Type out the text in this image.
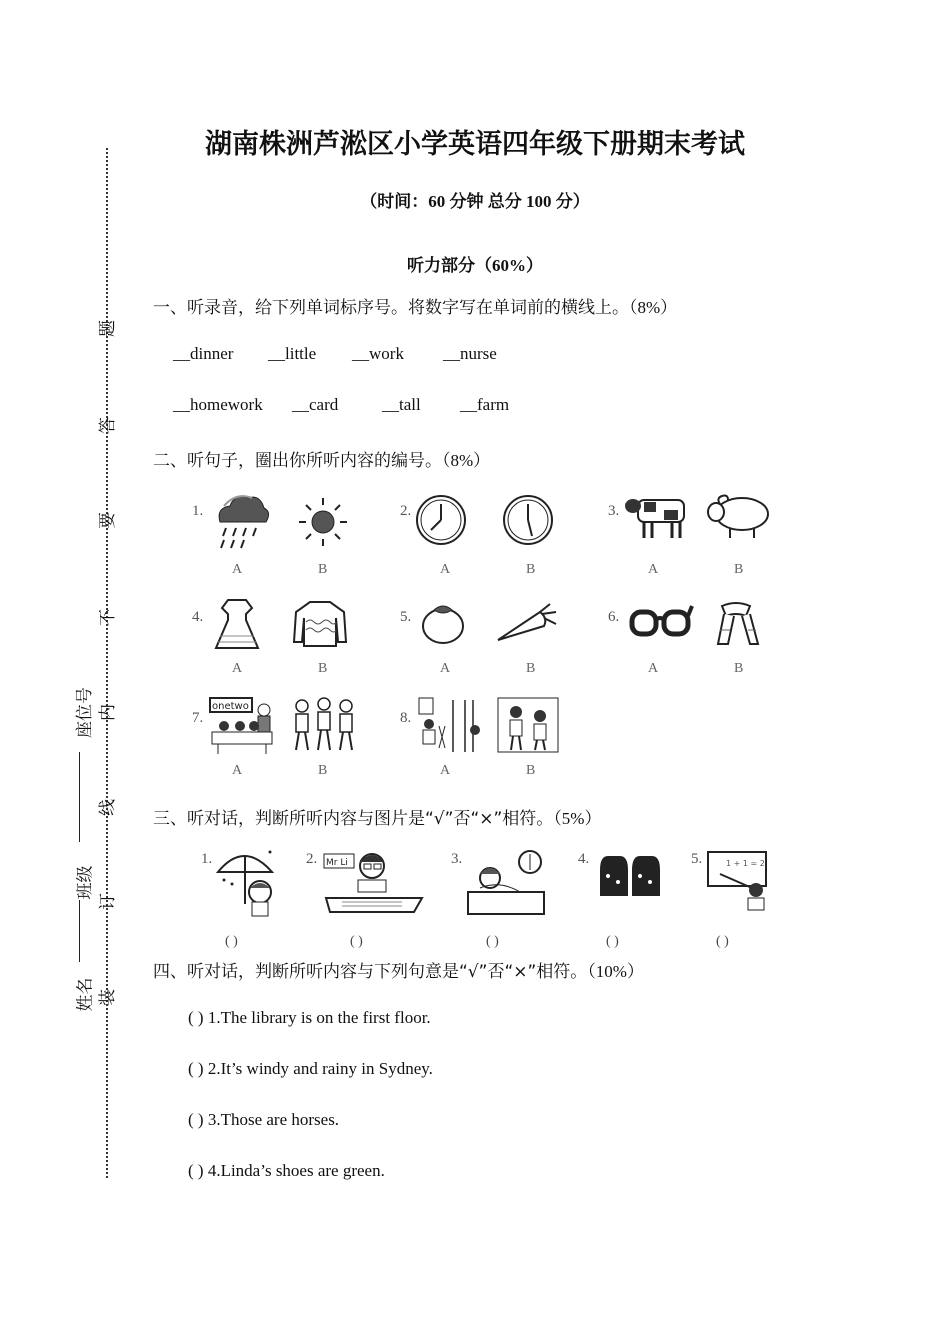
题
答
要
不
内
线
订
装
座位号
班级
姓名
湖南株洲芦淞区小学英语四年级下册期末考试
（时间：60 分钟 总分 100 分）
听力部分（60%）
一、听录音，给下列单词标序号。将数字写在单词前的横线上。（8%）
__dinner __little __work __nurse
__homework __card	__tall __farm
二、听句子，圈出你所听内容的编号。（8%）
1.
A	B
2.
A	B
3.
A	B
4.
A	B
5.
A	B
6.
A	B
7.
onetwo
A	B
8.
A	B
三、听对话，判断所听内容与图片是“√”否“×”相符。（5%）
1.
( )
2. Mr Li
( )
3.
( )
4.
( )
5.	1 + 1 = 2
( )
四、听对话，判断所听内容与下列句意是“√”否“×”相符。（10%）
( ) 1.The library is on the first floor.
( ) 2.It’s windy and rainy in Sydney.
( ) 3.Those are horses.
( ) 4.Linda’s shoes are green.
